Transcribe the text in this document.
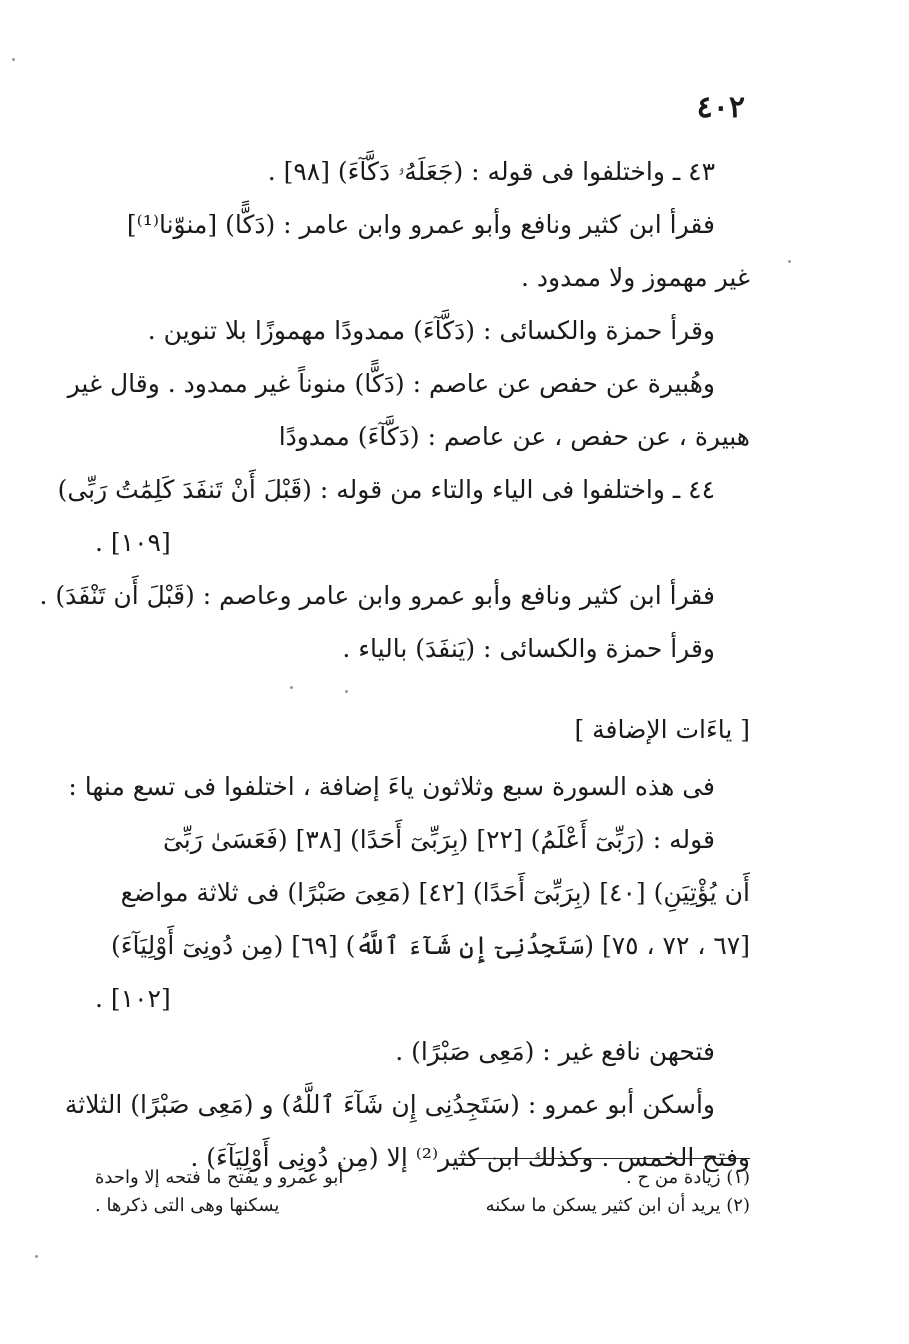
٤٠٢
٤٣ ـ واختلفوا فى قوله : (جَعَلَهُۥ دَكَّآءَ) [٩٨] .
فقرأ ابن كثير ونافع وأبو عمرو وابن عامر : (دَكًّا) [منوّنا⁽¹⁾]
غير مهموز ولا ممدود .
وقرأ حمزة والكسائى : (دَكَّآءَ) ممدودًا مهموزًا بلا تنوين .
وهُبيرة عن حفص عن عاصم : (دَكًّا) منوناً غير ممدود . وقال غير
هبيرة ، عن حفص ، عن عاصم : (دَكَّآءَ) ممدودًا
٤٤ ـ واختلفوا فى الياء والتاء من قوله : (قَبْلَ أَنْ تَنفَدَ كَلِمَٰتُ رَبِّى)
[١٠٩] .
فقرأ ابن كثير ونافع وأبو عمرو وابن عامر وعاصم : (قَبْلَ أَن تَنْفَدَ) .
وقرأ حمزة والكسائى : (يَنفَدَ) بالياء .
[ ياءَات الإضافة ]
فى هذه السورة سبع وثلاثون ياءَ إضافة ، اختلفوا فى تسع منها :
قوله : (رَبِّىٓ أَعْلَمُ) [٢٢] (بِرَبِّىٓ أَحَدًا) [٣٨] (فَعَسَىٰ رَبِّىٓ
أَن يُؤْتِيَنِ) [٤٠] (بِرَبِّىٓ أَحَدًا) [٤٢] (مَعِىَ صَبْرًا) فى ثلاثة مواضع
[٦٧ ، ٧٢ ، ٧٥] (سَتَجِدُنِىٓ إِن شَآءَ ٱللَّهُ) [٦٩] (مِن دُونِىٓ أَوْلِيَآءَ)
[١٠٢] .
فتحهن نافع غير : (مَعِى صَبْرًا) .
وأسكن أبو عمرو : (سَتَجِدُنِى إِن شَآءَ ٱللَّهُ) و (مَعِى صَبْرًا) الثلاثة
وفتح الخمس . وكذلك ابن كثير⁽²⁾ إلا (مِن دُونِى أَوْلِيَآءَ) .
(١) زيادة من ح .
أبو عمرو و يفتح ما فتحه إلا واحدة
(٢) يريد أن ابن كثير يسكن ما سكنه
يسكنها وهى التى ذكرها .
